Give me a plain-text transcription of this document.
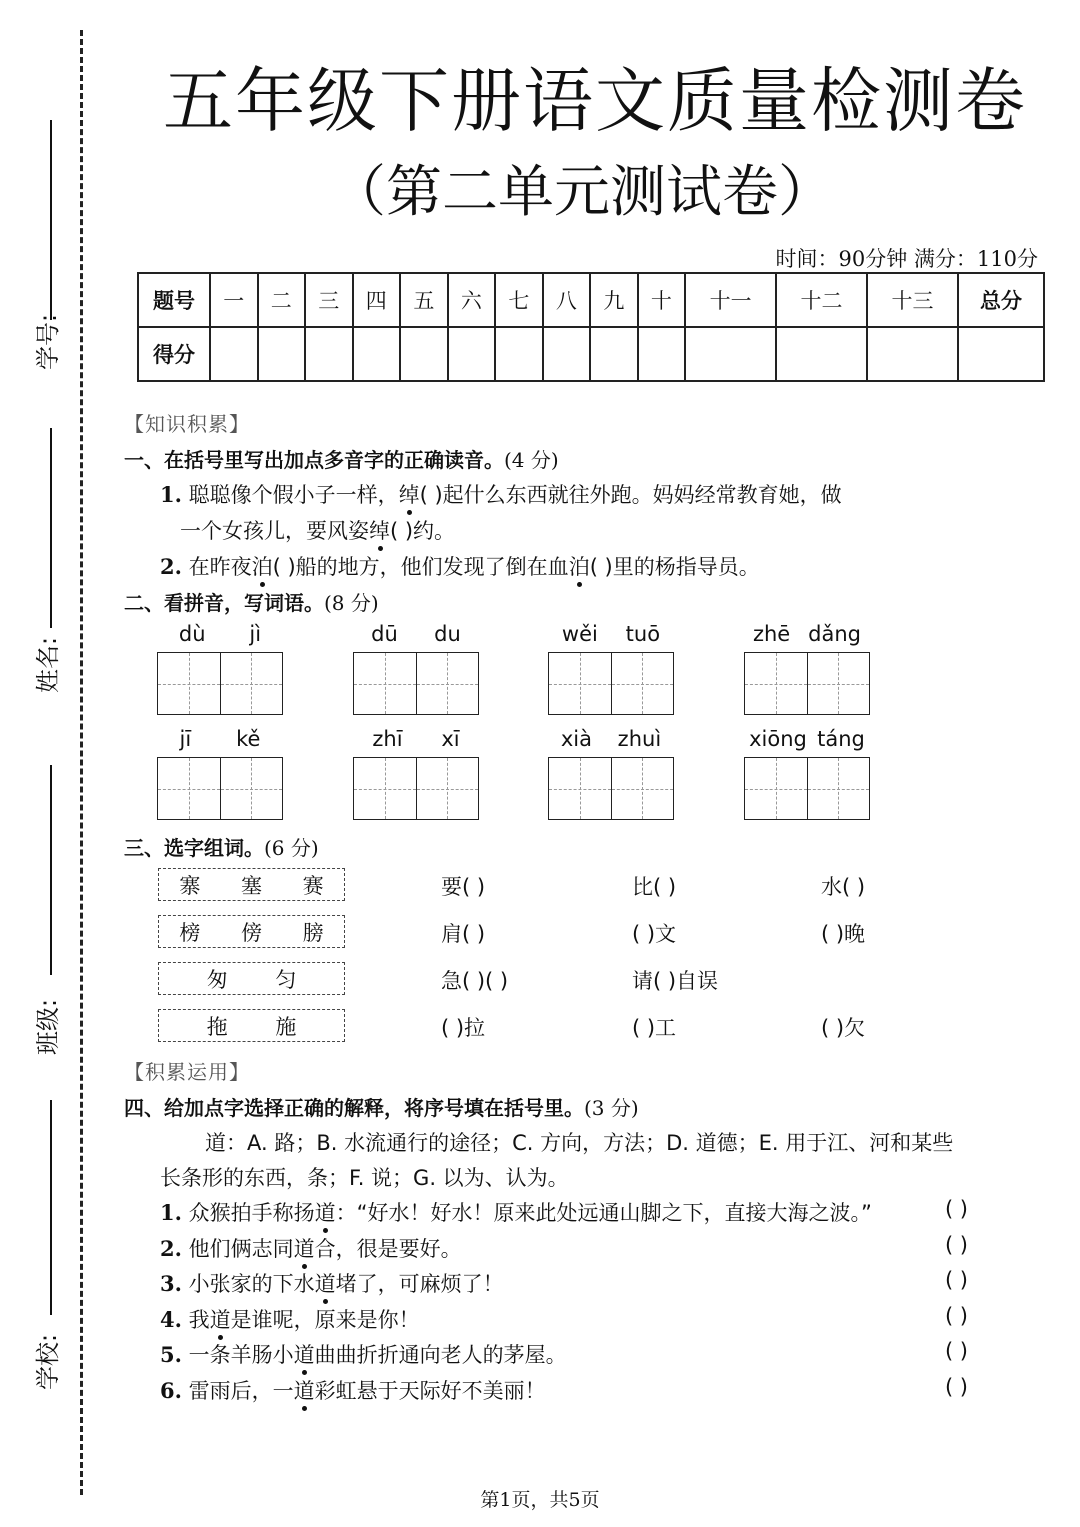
学号:
姓名:
班级:
学校:
五年级下册语文质量检测卷
（第二单元测试卷）
时间：90分钟 满分：110分
题号	一	二	三	四	五	六	七	八	九	十	十一	十二	十三	总分
得分														
【知识积累】
一、在括号里写出加点多音字的正确读音。(4 分)
1. 聪聪像个假小子一样，绰( )起什么东西就往外跑。妈妈经常教育她，做
一个女孩儿，要风姿绰( )约。
2. 在昨夜泊( )船的地方，他们发现了倒在血泊( )里的杨指导员。
二、看拼音，写词语。(8 分)
dù jì	dū du	wěi tuō	zhē dǎng
jī kě	zhī xī	xià zhuì	xiōng táng
三、选字组词。(6 分)
寨 塞 赛	要( )	比( )	水( )
榜 傍 膀	肩( )	( )文	( )晚
匆 匀	急( )( )	请( )自误
拖 施	( )拉	( )工	( )欠
【积累运用】
四、给加点字选择正确的解释，将序号填在括号里。(3 分)
道：A. 路；B. 水流通行的途径；C. 方向，方法；D. 道德；E. 用于江、河和某些
长条形的东西，条；F. 说；G. 以为、认为。
1. 众猴拍手称扬道：“好水！好水！原来此处远通山脚之下，直接大海之波。”	( )
2. 他们俩志同道合，很是要好。	( )
3. 小张家的下水道堵了，可麻烦了！	( )
4. 我道是谁呢，原来是你！	( )
5. 一条羊肠小道曲曲折折通向老人的茅屋。	( )
6. 雷雨后，一道彩虹悬于天际好不美丽！	( )
第1页，共5页
